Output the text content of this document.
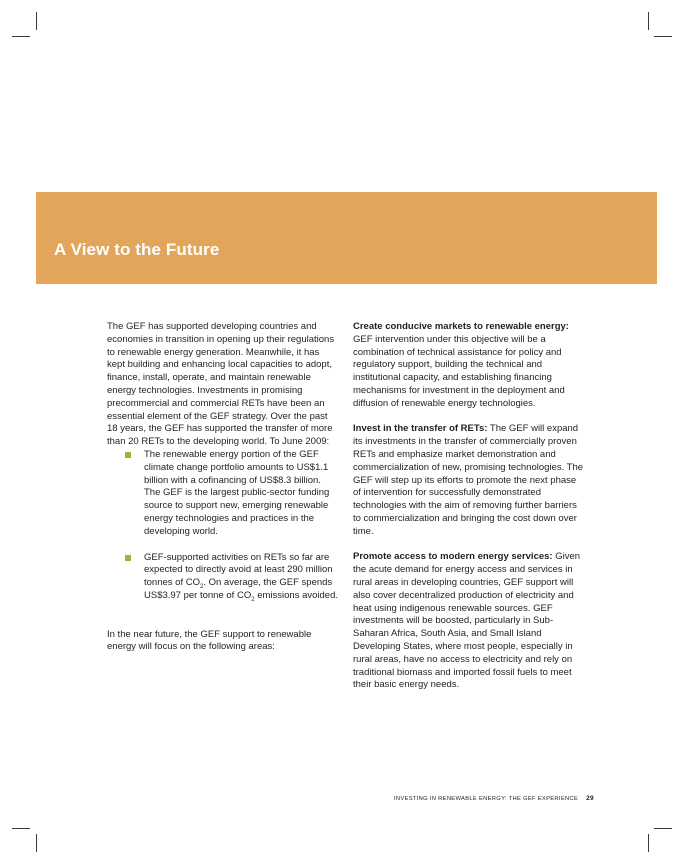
A View to the Future

The GEF has supported developing countries and economies in transition in opening up their regulations to renewable energy generation. Meanwhile, it has kept building and enhancing local capacities to adopt, finance, install, operate, and maintain renewable energy technologies. Investments in promising precommercial and commercial RETs have been an essential element of the GEF strategy. Over the past 18 years, the GEF has supported the transfer of more than 20 RETs to the developing world. To June 2009:

The renewable energy portion of the GEF climate change portfolio amounts to US$1.1 billion with a cofinancing of US$8.3 billion. The GEF is the largest public-sector funding source to support new, emerging renewable energy technologies and practices in the developing world.
GEF-supported activities on RETs so far are expected to directly avoid at least 290 million tonnes of $CO_2$. On average, the GEF spends US$3.97 per tonne of $CO_2$ emissions avoided.

In the near future, the GEF support to renewable energy will focus on the following areas:

Create conducive markets to renewable energy: GEF intervention under this objective will be a combination of technical assistance for policy and regulatory support, building the technical and institutional capacity, and establishing financing mechanisms for investment in the deployment and diffusion of renewable energy technologies.

Invest in the transfer of RETs: The GEF will expand its investments in the transfer of commercially proven RETs and emphasize market demonstration and commercialization of new, promising technologies. The GEF will step up its efforts to promote the next phase of intervention for successfully demonstrated technologies with the aim of removing further barriers to commercialization and bringing the cost down over time.

Promote access to modern energy services: Given the acute demand for energy access and services in rural areas in developing countries, GEF support will also cover decentralized production of electricity and heat using indigenous renewable sources. GEF investments will be boosted, particularly in Sub-Saharan Africa, South Asia, and Small Island Developing States, where most people, especially in rural areas, have no access to electricity and rely on traditional biomass and imported fossil fuels to meet their basic energy needs.

INVESTING IN RENEWABLE ENERGY: THE GEF EXPERIENCE 29
